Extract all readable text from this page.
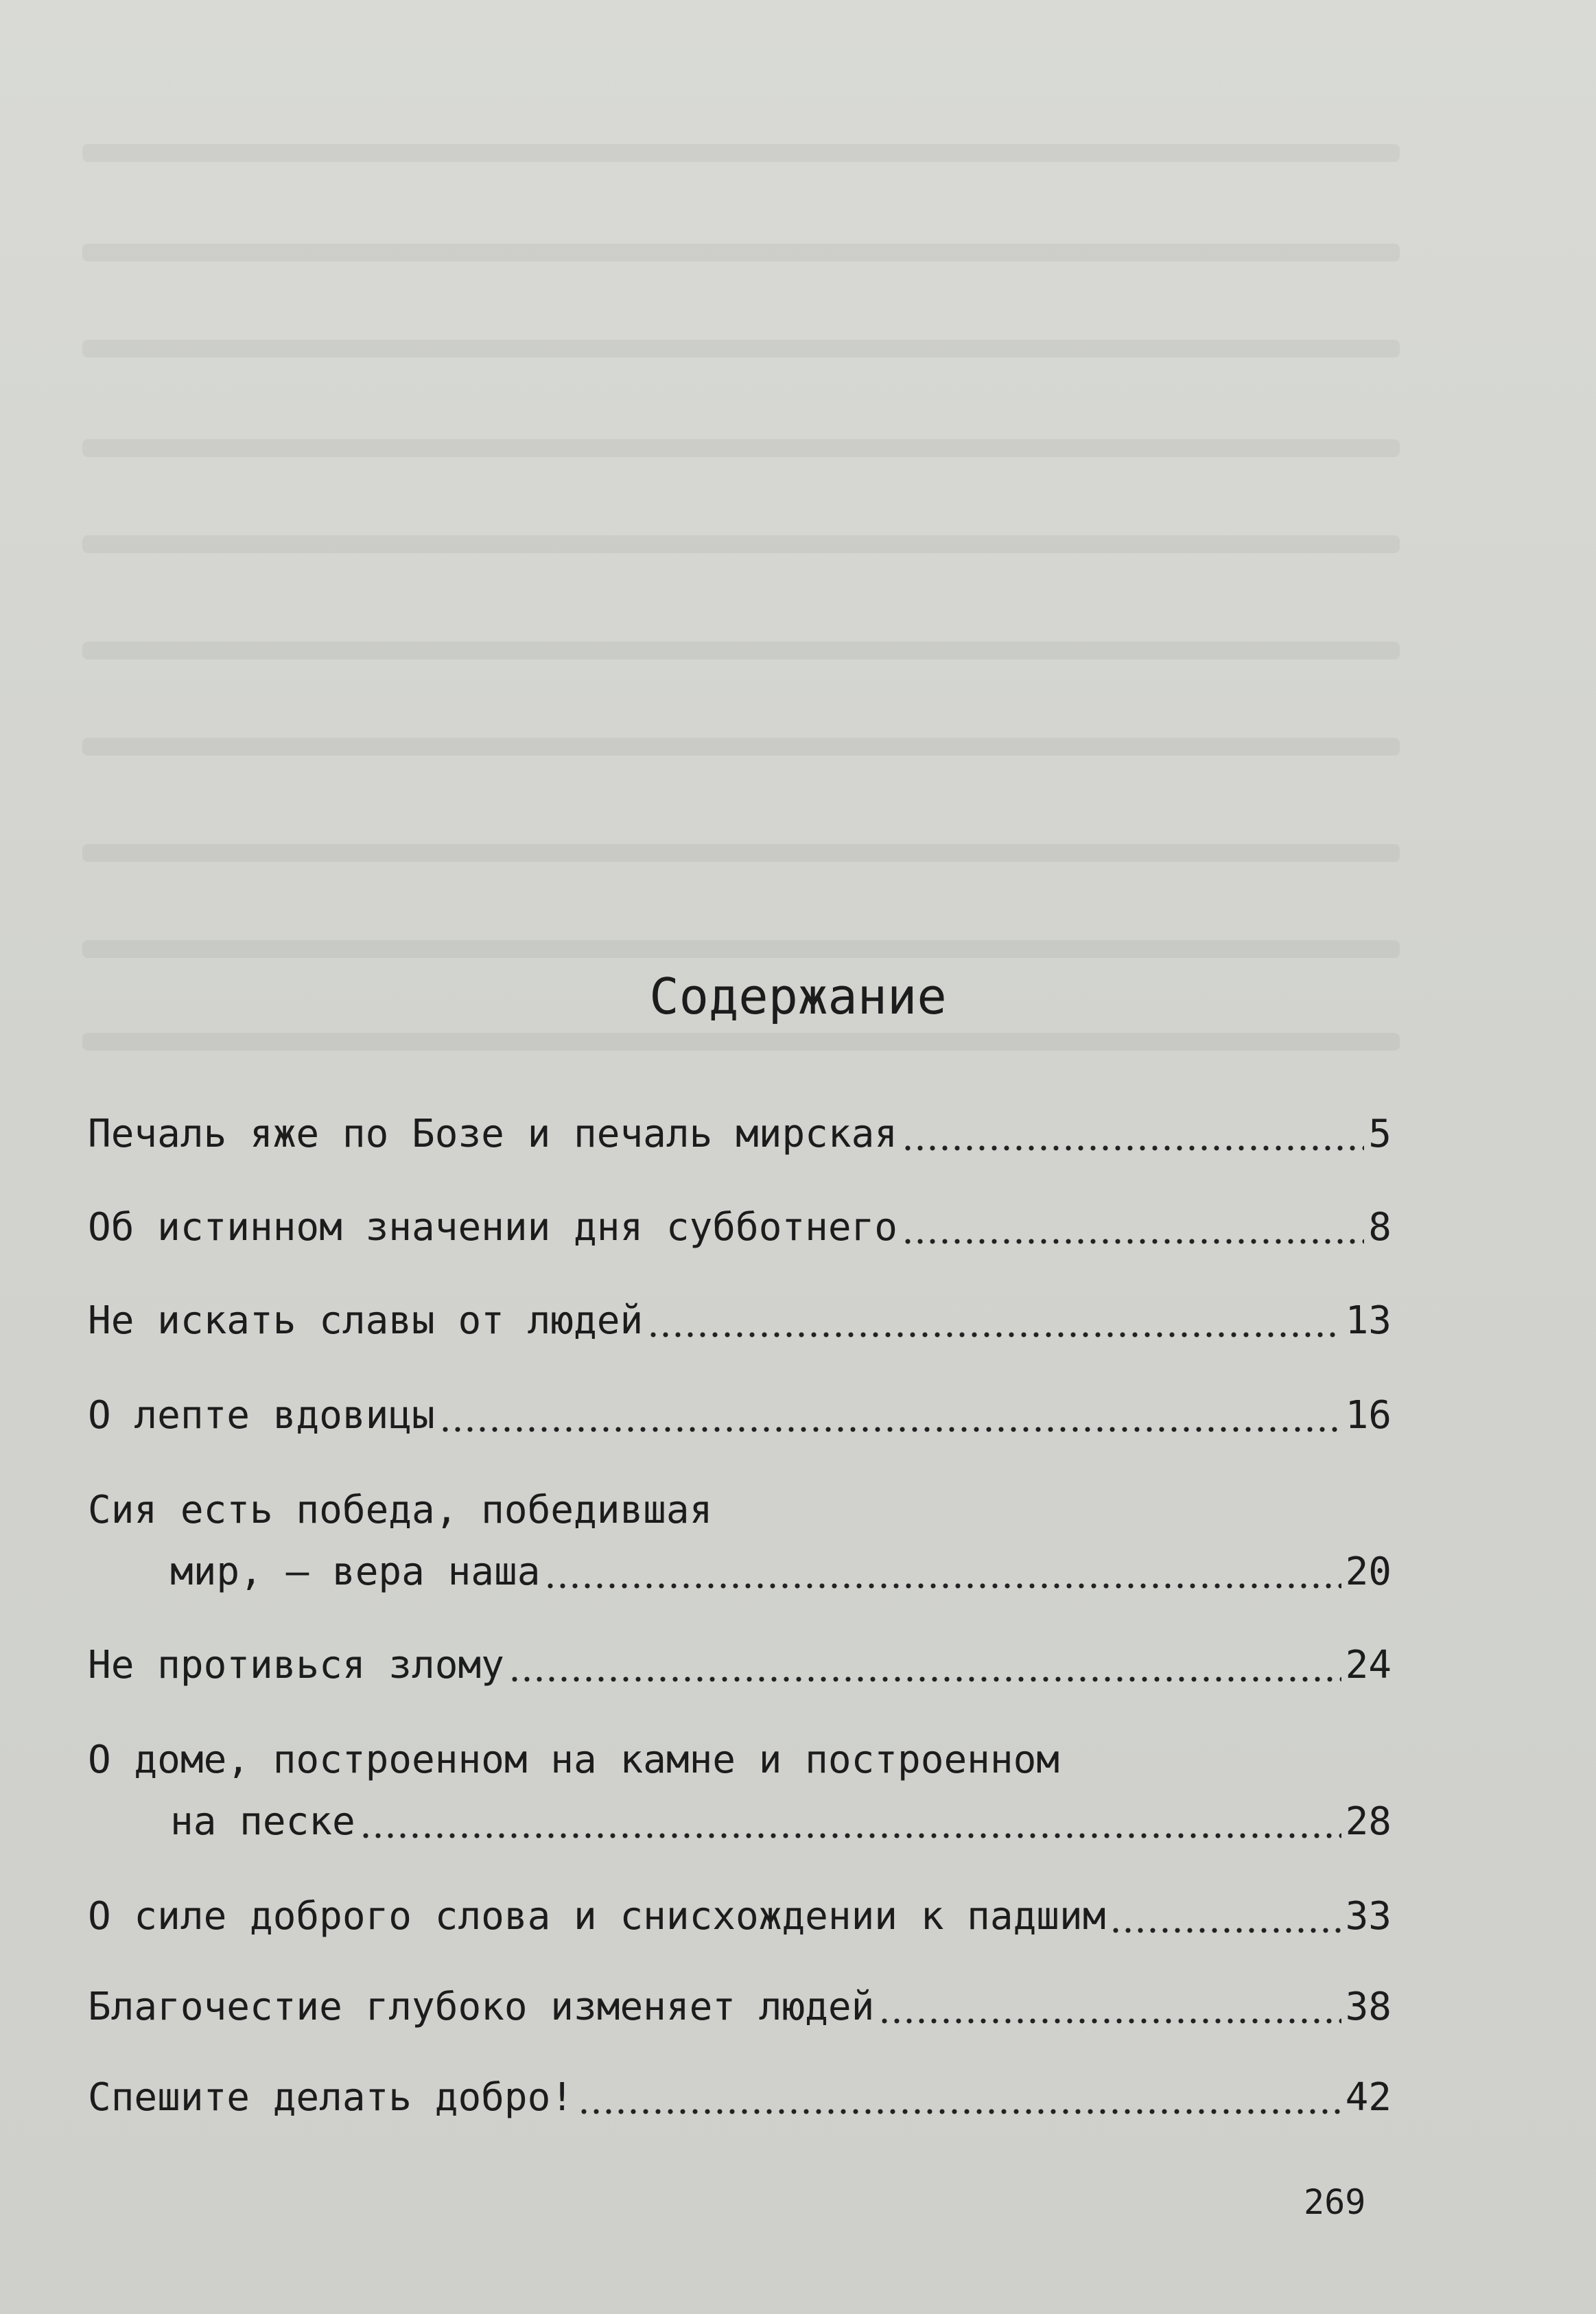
Содержание
Печаль яже по Бозе и печаль мирская	5
Об истинном значении дня субботнего	8
Не искать славы от людей	13
О лепте вдовицы	16
Сия есть победа, победившая
мир, — вера наша	20
Не противься злому	24
О доме, построенном на камне и построенном
на песке	28
О силе доброго слова и снисхождении к падшим	33
Благочестие глубоко изменяет людей	38
Спешите делать добро!	42
269
